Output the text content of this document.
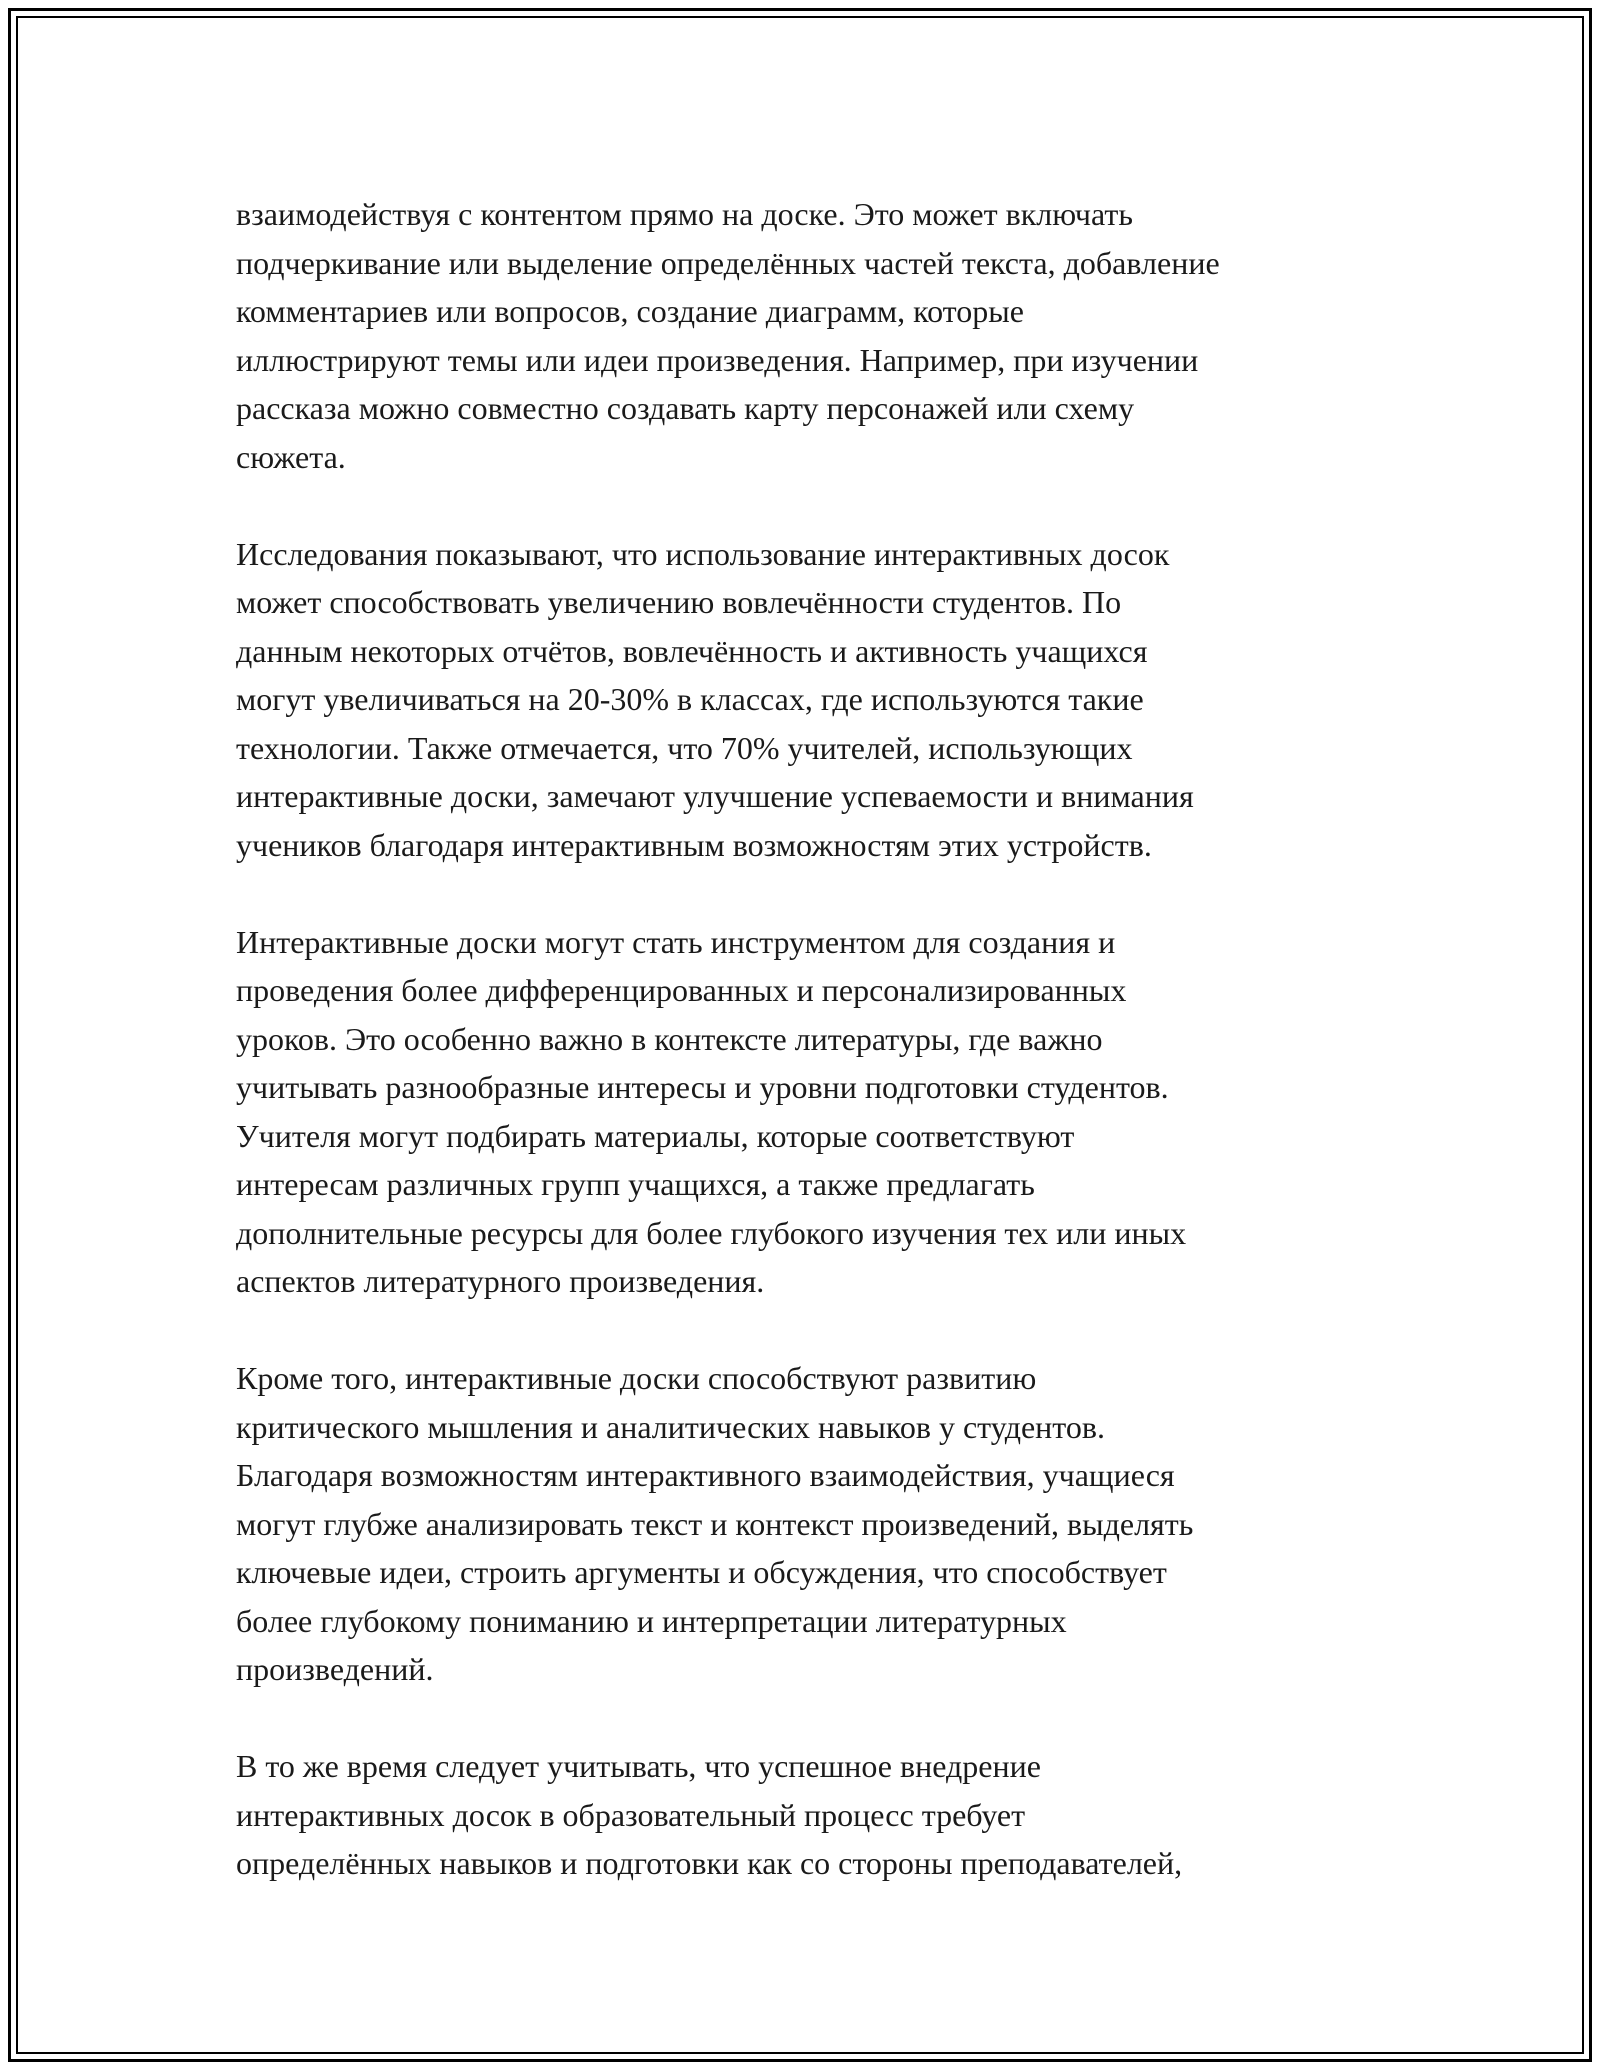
взаимодействуя с контентом прямо на доске. Это может включать
подчеркивание или выделение определённых частей текста, добавление
комментариев или вопросов, создание диаграмм, которые
иллюстрируют темы или идеи произведения. Например, при изучении
рассказа можно совместно создавать карту персонажей или схему
сюжета.

Исследования показывают, что использование интерактивных досок
может способствовать увеличению вовлечённости студентов. По
данным некоторых отчётов, вовлечённость и активность учащихся
могут увеличиваться на 20-30% в классах, где используются такие
технологии. Также отмечается, что 70% учителей, использующих
интерактивные доски, замечают улучшение успеваемости и внимания
учеников благодаря интерактивным возможностям этих устройств.

Интерактивные доски могут стать инструментом для создания и
проведения более дифференцированных и персонализированных
уроков. Это особенно важно в контексте литературы, где важно
учитывать разнообразные интересы и уровни подготовки студентов.
Учителя могут подбирать материалы, которые соответствуют
интересам различных групп учащихся, а также предлагать
дополнительные ресурсы для более глубокого изучения тех или иных
аспектов литературного произведения.

Кроме того, интерактивные доски способствуют развитию
критического мышления и аналитических навыков у студентов.
Благодаря возможностям интерактивного взаимодействия, учащиеся
могут глубже анализировать текст и контекст произведений, выделять
ключевые идеи, строить аргументы и обсуждения, что способствует
более глубокому пониманию и интерпретации литературных
произведений.

В то же время следует учитывать, что успешное внедрение
интерактивных досок в образовательный процесс требует
определённых навыков и подготовки как со стороны преподавателей,
